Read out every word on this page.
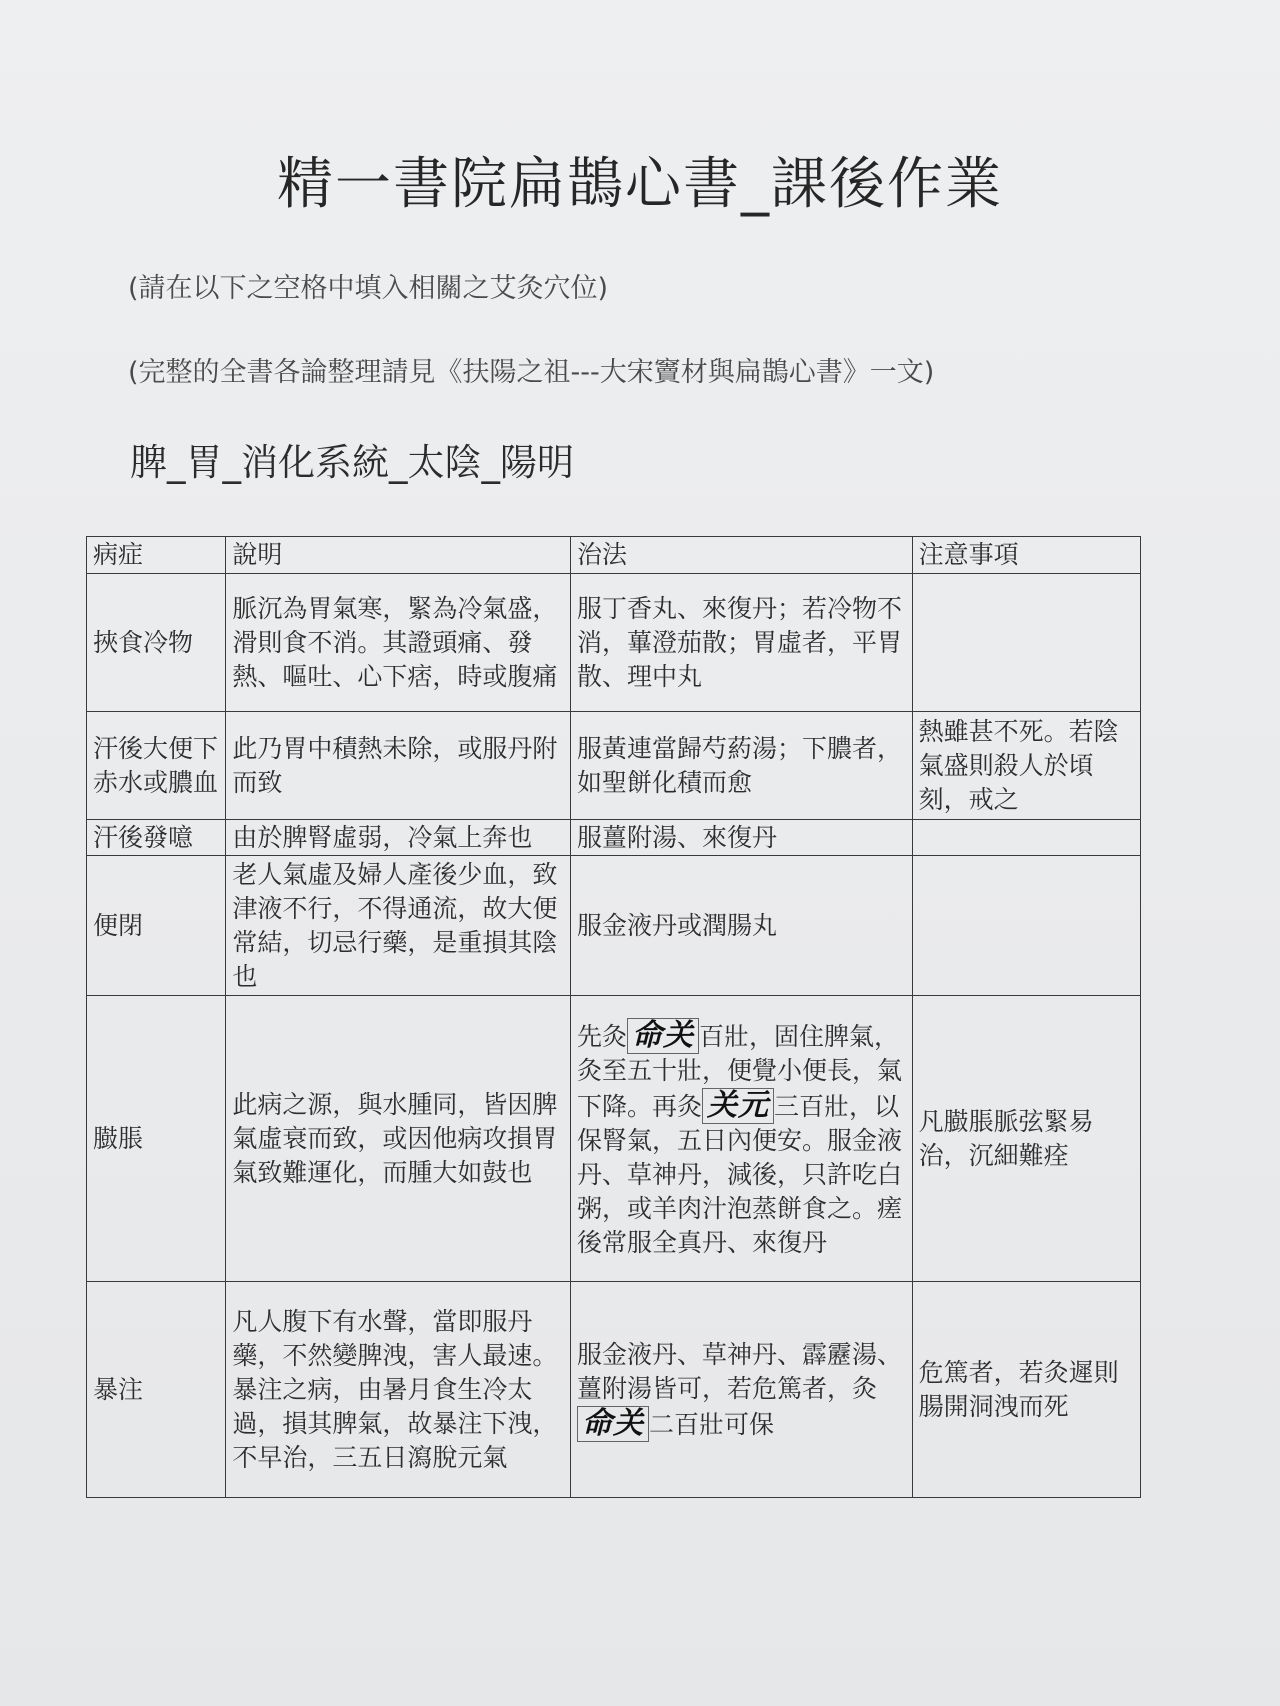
精一書院扁鵲心書_課後作業
(請在以下之空格中填入相關之艾灸穴位)
(完整的全書各論整理請見《扶陽之祖---大宋竇材與扁鵲心書》一文)
脾_胃_消化系統_太陰_陽明
病症	說明	治法	注意事項
挾食冷物	脈沉為胃氣寒，緊為冷氣盛，滑則食不消。其證頭痛、發熱、嘔吐、心下痞，時或腹痛	服丁香丸、來復丹；若冷物不消，蓽澄茄散；胃虛者，平胃散、理中丸	
汗後大便下赤水或膿血	此乃胃中積熱未除，或服丹附而致	服黃連當歸芍葯湯；下膿者，如聖餅化積而愈	熱雖甚不死。若陰氣盛則殺人於頃刻，戒之
汗後發噫	由於脾腎虛弱，冷氣上奔也	服薑附湯、來復丹	
便閉	老人氣虛及婦人產後少血，致津液不行，不得通流，故大便常結，切忌行藥，是重損其陰也	服金液丹或潤腸丸	
臌脹	此病之源，與水腫同，皆因脾氣虛衰而致，或因他病攻損胃氣致難運化，而腫大如鼓也	先灸 命关 百壯，固住脾氣，灸至五十壯，便覺小便長，氣下降。再灸 关元 三百壯，以保腎氣，五日內便安。服金液丹、草神丹，減後，只許吃白粥，或羊肉汁泡蒸餅食之。瘥後常服全真丹、來復丹	凡臌脹脈弦緊易治，沉細難痊
暴注	凡人腹下有水聲，當即服丹藥，不然變脾洩，害人最速。暴注之病，由暑月食生冷太過，損其脾氣，故暴注下洩，不早治，三五日瀉脫元氣	服金液丹、草神丹、霹靂湯、薑附湯皆可，若危篤者，灸命关 二百壯可保	危篤者，若灸遲則腸開洞洩而死
